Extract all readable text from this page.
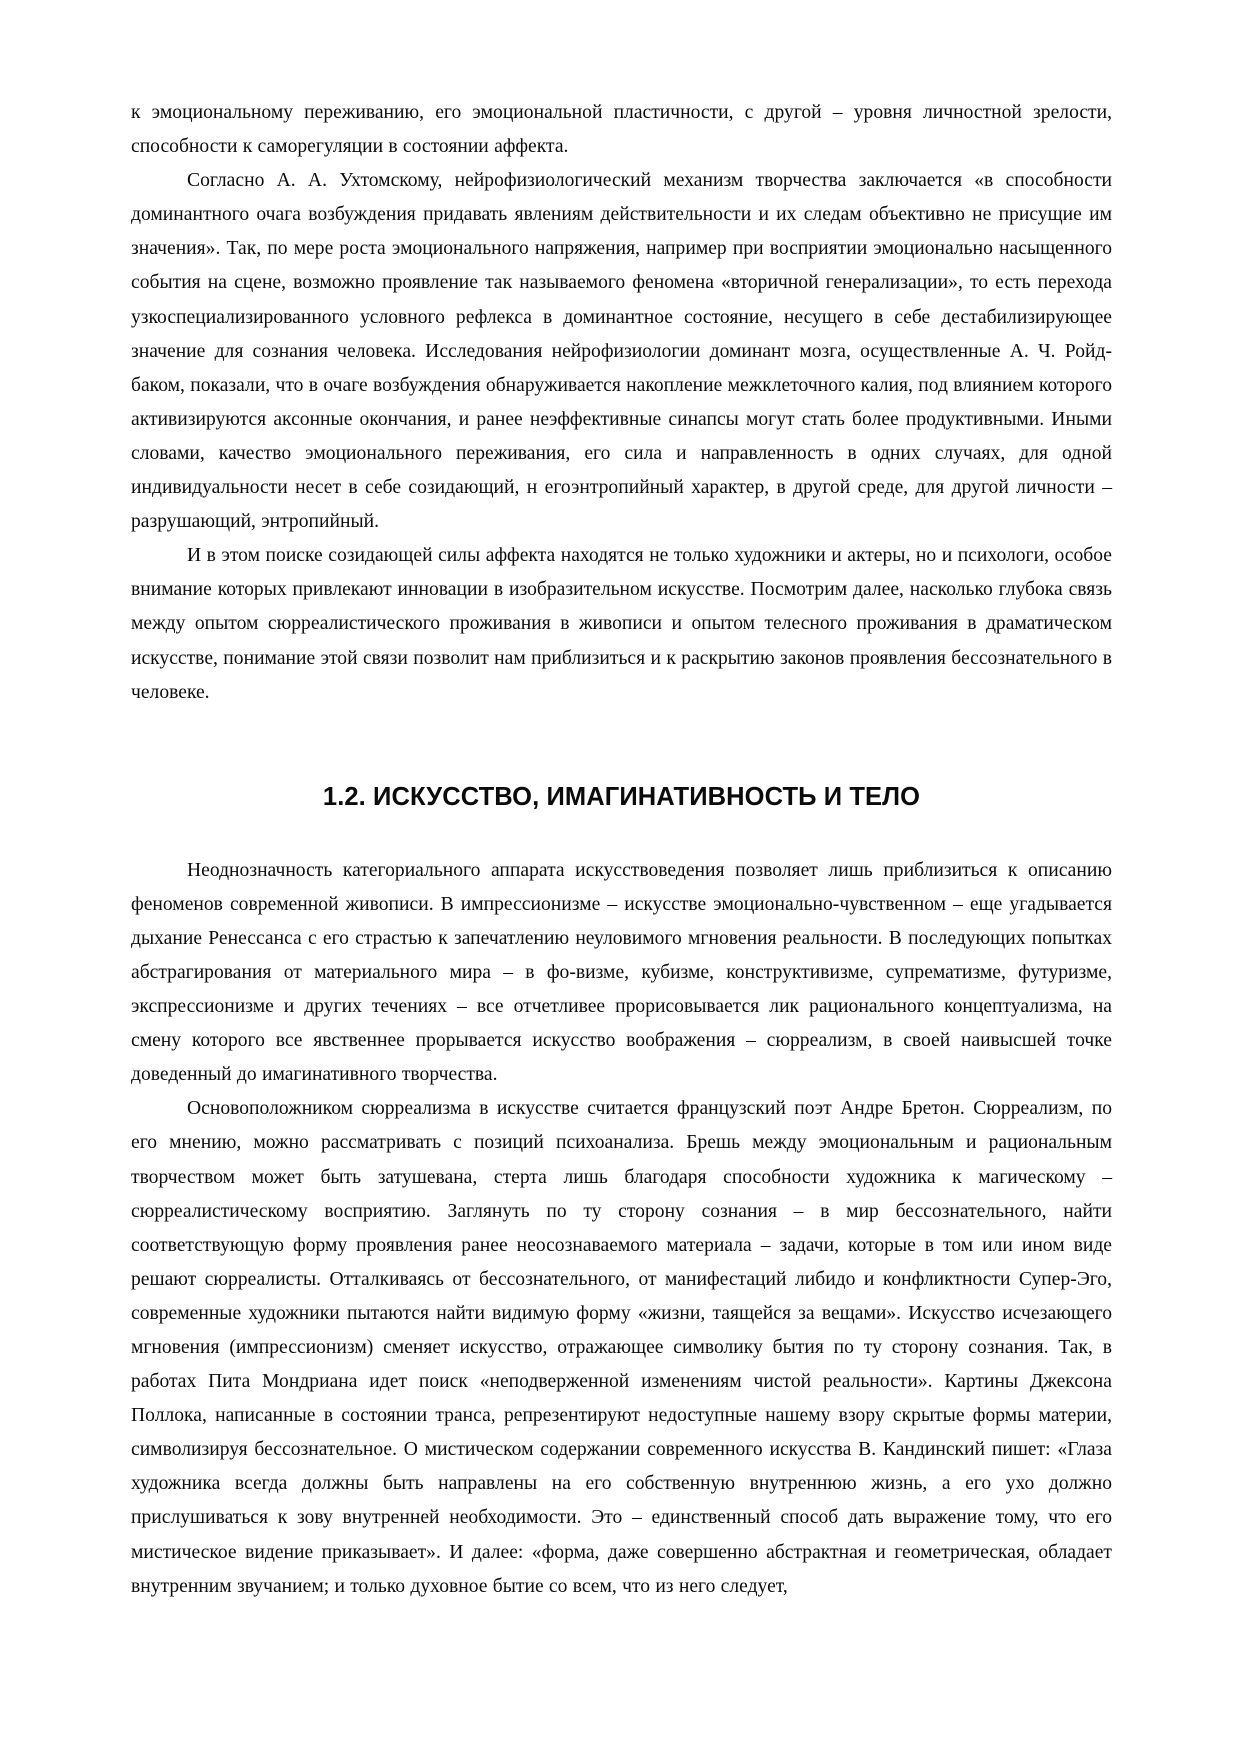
к эмоциональному переживанию, его эмоциональной пластичности, с другой – уровня личностной зрелости, способности к саморегуляции в состоянии аффекта.

Согласно А. А. Ухтомскому, нейрофизиологический механизм творчества заключается «в способности доминантного очага возбуждения придавать явлениям действительности и их следам объективно не присущие им значения». Так, по мере роста эмоционального напряжения, например при восприятии эмоционально насыщенного события на сцене, возможно проявление так называемого феномена «вторичной генерализации», то есть перехода узкоспециализированного условного рефлекса в доминантное состояние, несущего в себе дестабилизирующее значение для сознания человека. Исследования нейрофизиологии доминант мозга, осуществленные А. Ч. Ройд-баком, показали, что в очаге возбуждения обнаруживается накопление межклеточного калия, под влиянием которого активизируются аксонные окончания, и ранее неэффективные синапсы могут стать более продуктивными. Иными словами, качество эмоционального переживания, его сила и направленность в одних случаях, для одной индивидуальности несет в себе созидающий, н егоэнтропийный характер, в другой среде, для другой личности – разрушающий, энтропийный.

И в этом поиске созидающей силы аффекта находятся не только художники и актеры, но и психологи, особое внимание которых привлекают инновации в изобразительном искусстве. Посмотрим далее, насколько глубока связь между опытом сюрреалистического проживания в живописи и опытом телесного проживания в драматическом искусстве, понимание этой связи позволит нам приблизиться и к раскрытию законов проявления бессознательного в человеке.

1.2. ИСКУССТВО, ИМАГИНАТИВНОСТЬ И ТЕЛО

Неоднозначность категориального аппарата искусствоведения позволяет лишь приблизиться к описанию феноменов современной живописи. В импрессионизме – искусстве эмоционально-чувственном – еще угадывается дыхание Ренессанса с его страстью к запечатлению неуловимого мгновения реальности. В последующих попытках абстрагирования от материального мира – в фо-визме, кубизме, конструктивизме, супрематизме, футуризме, экспрессионизме и других течениях – все отчетливее прорисовывается лик рационального концептуализма, на смену которого все явственнее прорывается искусство воображения – сюрреализм, в своей наивысшей точке доведенный до имагинативного творчества.

Основоположником сюрреализма в искусстве считается французский поэт Андре Бретон. Сюрреализм, по его мнению, можно рассматривать с позиций психоанализа. Брешь между эмоциональным и рациональным творчеством может быть затушевана, стерта лишь благодаря способности художника к магическому – сюрреалистическому восприятию. Заглянуть по ту сторону сознания – в мир бессознательного, найти соответствующую форму проявления ранее неосознаваемого материала – задачи, которые в том или ином виде решают сюрреалисты. Отталкиваясь от бессознательного, от манифестаций либидо и конфликтности Супер-Эго, современные художники пытаются найти видимую форму «жизни, таящейся за вещами». Искусство исчезающего мгновения (импрессионизм) сменяет искусство, отражающее символику бытия по ту сторону сознания. Так, в работах Пита Мондриана идет поиск «неподверженной изменениям чистой реальности». Картины Джексона Поллока, написанные в состоянии транса, репрезентируют недоступные нашему взору скрытые формы материи, символизируя бессознательное. О мистическом содержании современного искусства В. Кандинский пишет: «Глаза художника всегда должны быть направлены на его собственную внутреннюю жизнь, а его ухо должно прислушиваться к зову внутренней необходимости. Это – единственный способ дать выражение тому, что его мистическое видение приказывает». И далее: «форма, даже совершенно абстрактная и геометрическая, обладает внутренним звучанием; и только духовное бытие со всем, что из него следует,
